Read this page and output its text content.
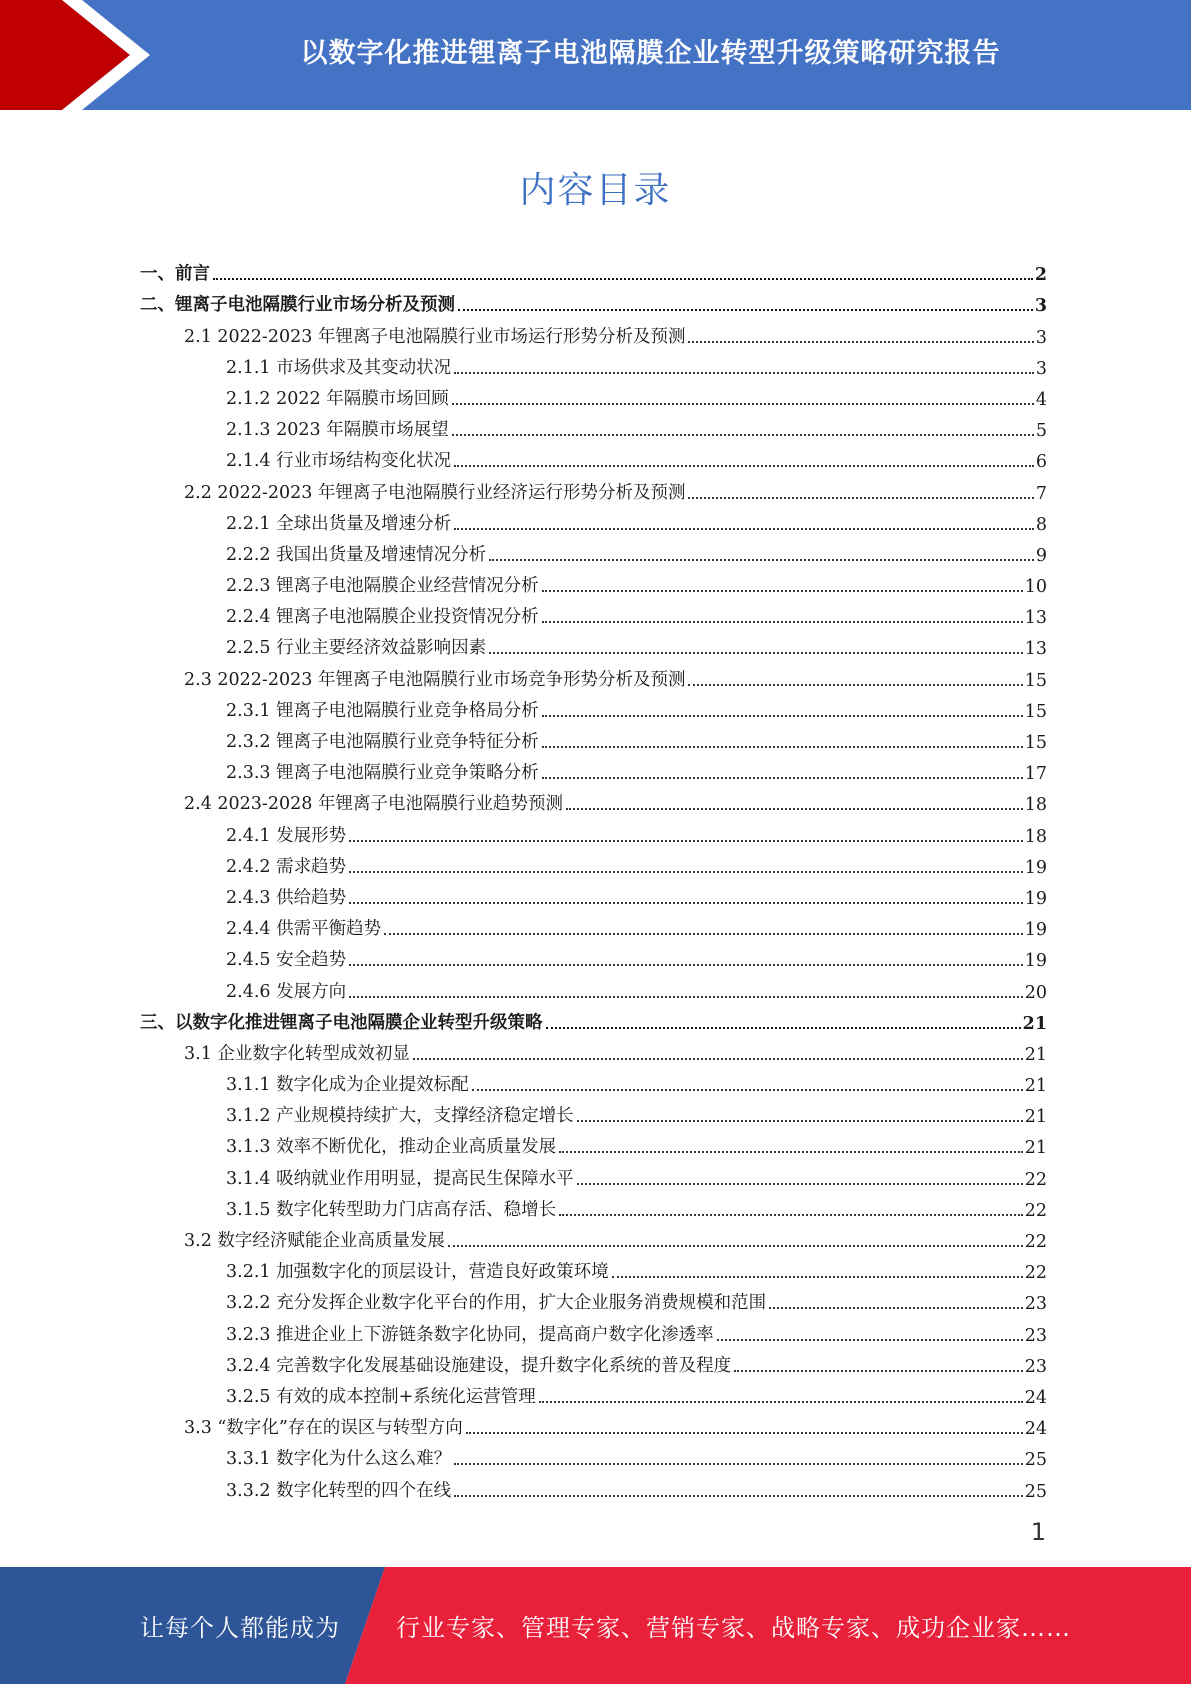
以数字化推进锂离子电池隔膜企业转型升级策略研究报告
内容目录
一、前言	2
二、锂离子电池隔膜行业市场分析及预测	3
2.1 2022-2023 年锂离子电池隔膜行业市场运行形势分析及预测	3
2.1.1 市场供求及其变动状况	3
2.1.2 2022 年隔膜市场回顾	4
2.1.3 2023 年隔膜市场展望	5
2.1.4 行业市场结构变化状况	6
2.2 2022-2023 年锂离子电池隔膜行业经济运行形势分析及预测	7
2.2.1 全球出货量及增速分析	8
2.2.2 我国出货量及增速情况分析	9
2.2.3 锂离子电池隔膜企业经营情况分析	10
2.2.4 锂离子电池隔膜企业投资情况分析	13
2.2.5 行业主要经济效益影响因素	13
2.3 2022-2023 年锂离子电池隔膜行业市场竞争形势分析及预测	15
2.3.1 锂离子电池隔膜行业竞争格局分析	15
2.3.2 锂离子电池隔膜行业竞争特征分析	15
2.3.3 锂离子电池隔膜行业竞争策略分析	17
2.4 2023-2028 年锂离子电池隔膜行业趋势预测	18
2.4.1 发展形势	18
2.4.2 需求趋势	19
2.4.3 供给趋势	19
2.4.4 供需平衡趋势	19
2.4.5 安全趋势	19
2.4.6 发展方向	20
三、以数字化推进锂离子电池隔膜企业转型升级策略	21
3.1 企业数字化转型成效初显	21
3.1.1 数字化成为企业提效标配	21
3.1.2 产业规模持续扩大，支撑经济稳定增长	21
3.1.3 效率不断优化，推动企业高质量发展	21
3.1.4 吸纳就业作用明显，提高民生保障水平	22
3.1.5 数字化转型助力门店高存活、稳增长	22
3.2 数字经济赋能企业高质量发展	22
3.2.1 加强数字化的顶层设计，营造良好政策环境	22
3.2.2 充分发挥企业数字化平台的作用，扩大企业服务消费规模和范围	23
3.2.3 推进企业上下游链条数字化协同，提高商户数字化渗透率	23
3.2.4 完善数字化发展基础设施建设，提升数字化系统的普及程度	23
3.2.5 有效的成本控制+系统化运营管理	24
3.3 “数字化”存在的误区与转型方向	24
3.3.1 数字化为什么这么难？	25
3.3.2 数字化转型的四个在线	25
1
让每个人都能成为 行业专家、管理专家、营销专家、战略专家、成功企业家……
